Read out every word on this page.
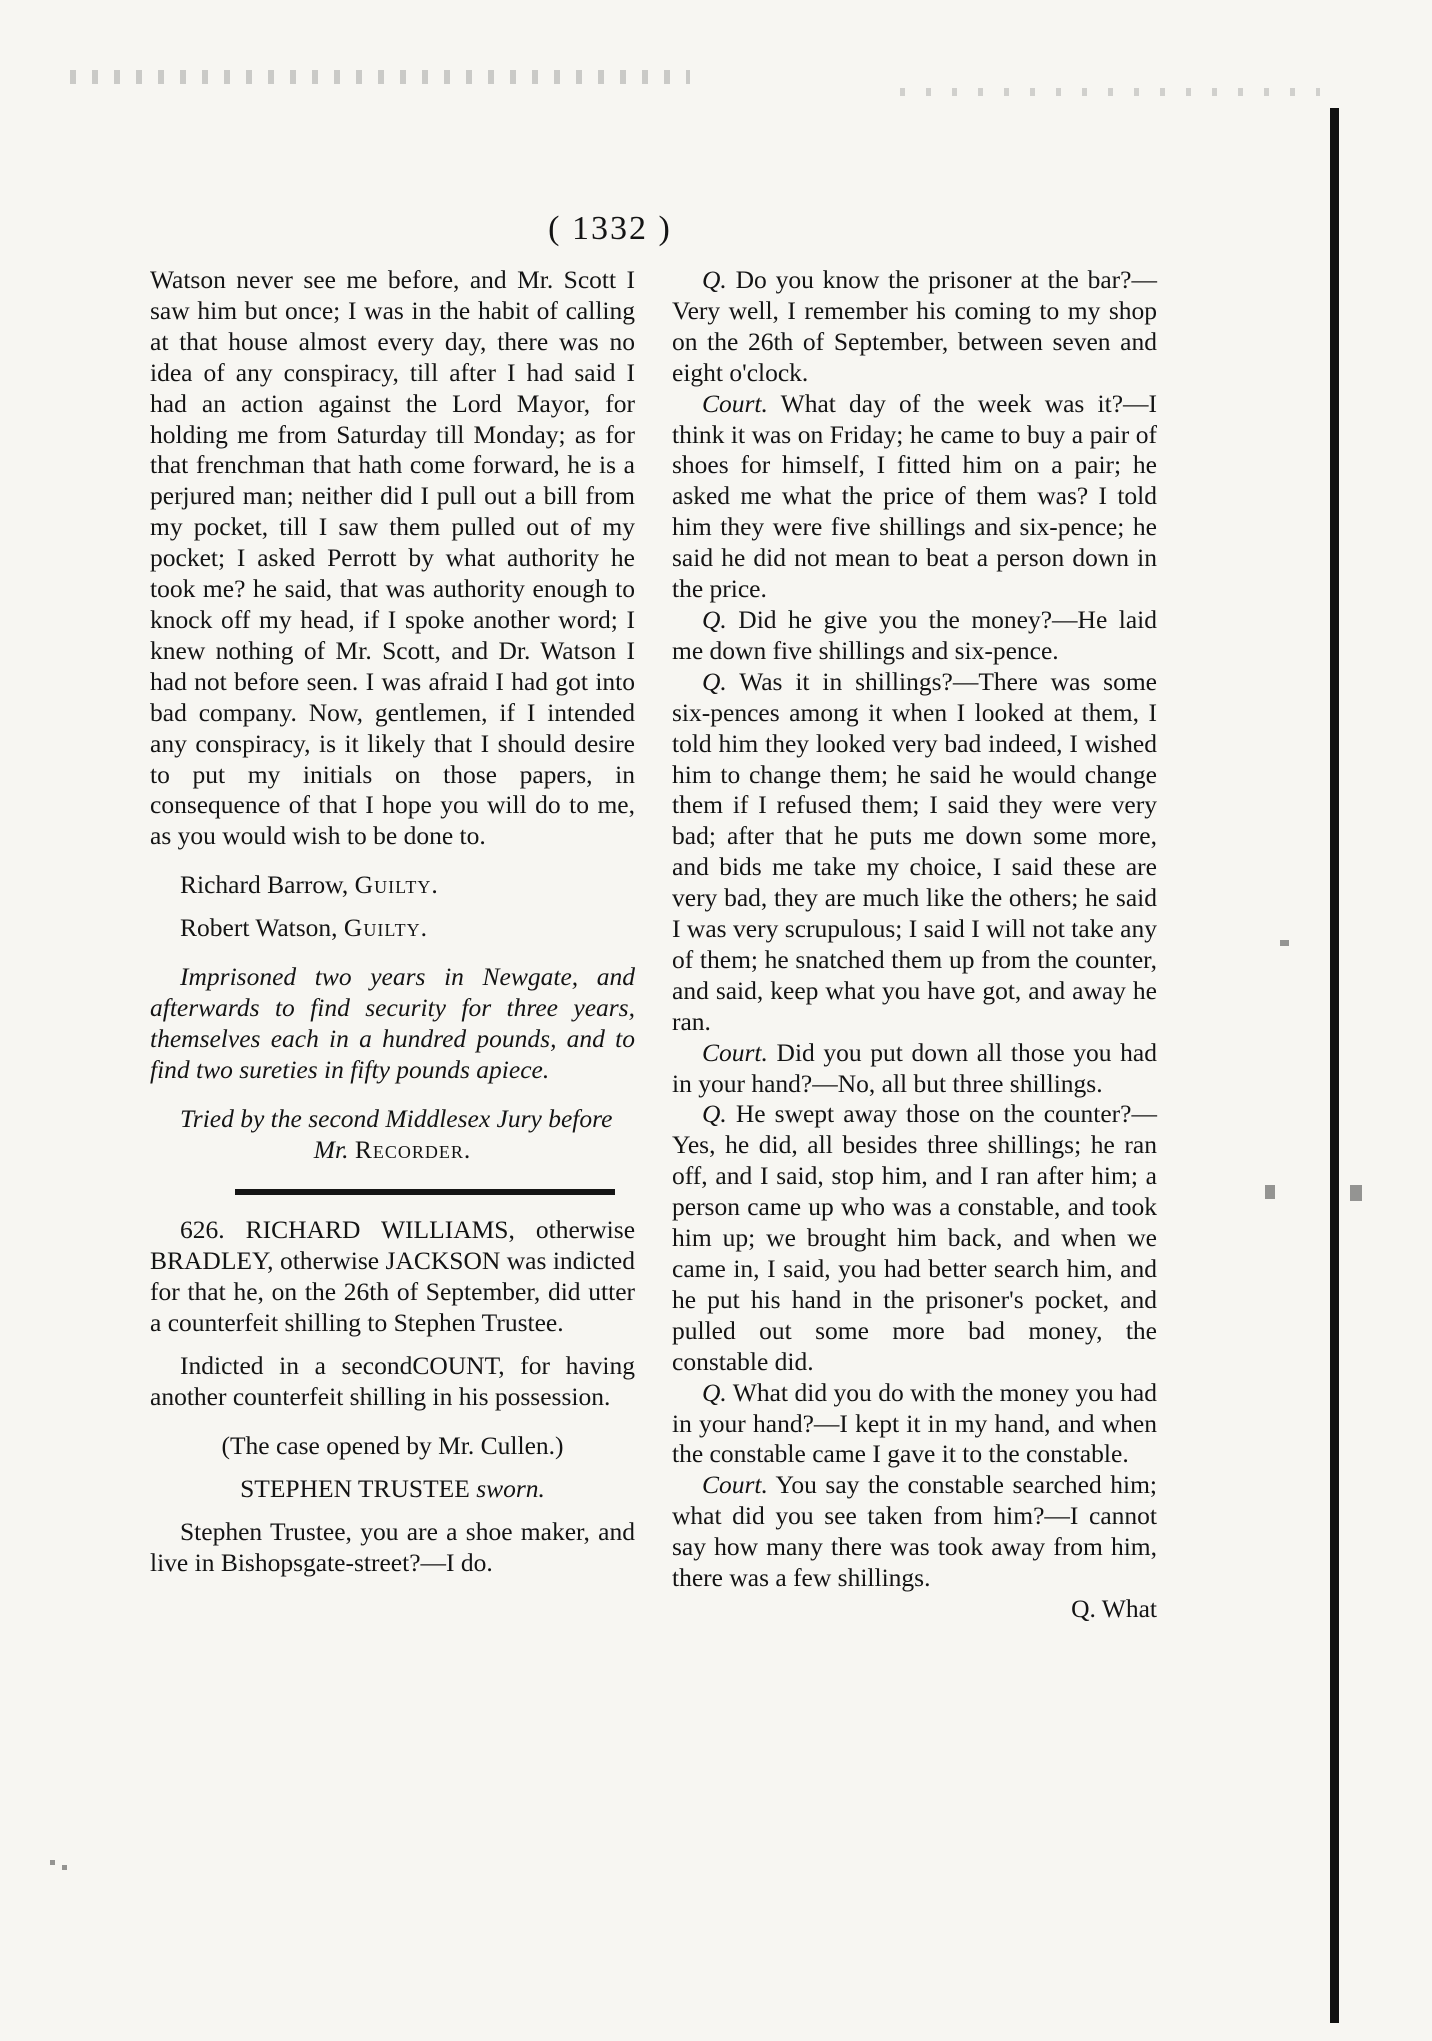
( 1332 )

Watson never see me before, and Mr. Scott I saw him but once; I was in the habit of calling at that house almost every day, there was no idea of any conspiracy, till after I had said I had an action against the Lord Mayor, for holding me from Saturday till Monday; as for that frenchman that hath come forward, he is a perjured man; neither did I pull out a bill from my pocket, till I saw them pulled out of my pocket; I asked Perrott by what authority he took me? he said, that was authority enough to knock off my head, if I spoke another word; I knew nothing of Mr. Scott, and Dr. Watson I had not before seen. I was afraid I had got into bad company. Now, gentlemen, if I intended any conspiracy, is it likely that I should desire to put my initials on those papers, in consequence of that I hope you will do to me, as you would wish to be done to.

Richard Barrow, Guilty.

Robert Watson, Guilty.

Imprisoned two years in Newgate, and afterwards to find security for three years, themselves each in a hundred pounds, and to find two sureties in fifty pounds apiece.

Tried by the second Middlesex Jury before

Mr. Recorder.

626. RICHARD WILLIAMS, otherwise BRADLEY, otherwise JACKSON was indicted for that he, on the 26th of September, did utter a counterfeit shilling to Stephen Trustee.

Indicted in a secondCOUNT, for having another counterfeit shilling in his possession.

(The case opened by Mr. Cullen.)

STEPHEN TRUSTEE sworn.

Stephen Trustee, you are a shoe maker, and live in Bishopsgate-street?—I do.

Q. Do you know the prisoner at the bar?—Very well, I remember his coming to my shop on the 26th of September, between seven and eight o'clock.

Court. What day of the week was it?—I think it was on Friday; he came to buy a pair of shoes for himself, I fitted him on a pair; he asked me what the price of them was? I told him they were five shillings and six-pence; he said he did not mean to beat a person down in the price.

Q. Did he give you the money?—He laid me down five shillings and six-pence.

Q. Was it in shillings?—There was some six-pences among it when I looked at them, I told him they looked very bad indeed, I wished him to change them; he said he would change them if I refused them; I said they were very bad; after that he puts me down some more, and bids me take my choice, I said these are very bad, they are much like the others; he said I was very scrupulous; I said I will not take any of them; he snatched them up from the counter, and said, keep what you have got, and away he ran.

Court. Did you put down all those you had in your hand?—No, all but three shillings.

Q. He swept away those on the counter?—Yes, he did, all besides three shillings; he ran off, and I said, stop him, and I ran after him; a person came up who was a constable, and took him up; we brought him back, and when we came in, I said, you had better search him, and he put his hand in the prisoner's pocket, and pulled out some more bad money, the constable did.

Q. What did you do with the money you had in your hand?—I kept it in my hand, and when the constable came I gave it to the constable.

Court. You say the constable searched him; what did you see taken from him?—I cannot say how many there was took away from him, there was a few shillings.

Q. What
